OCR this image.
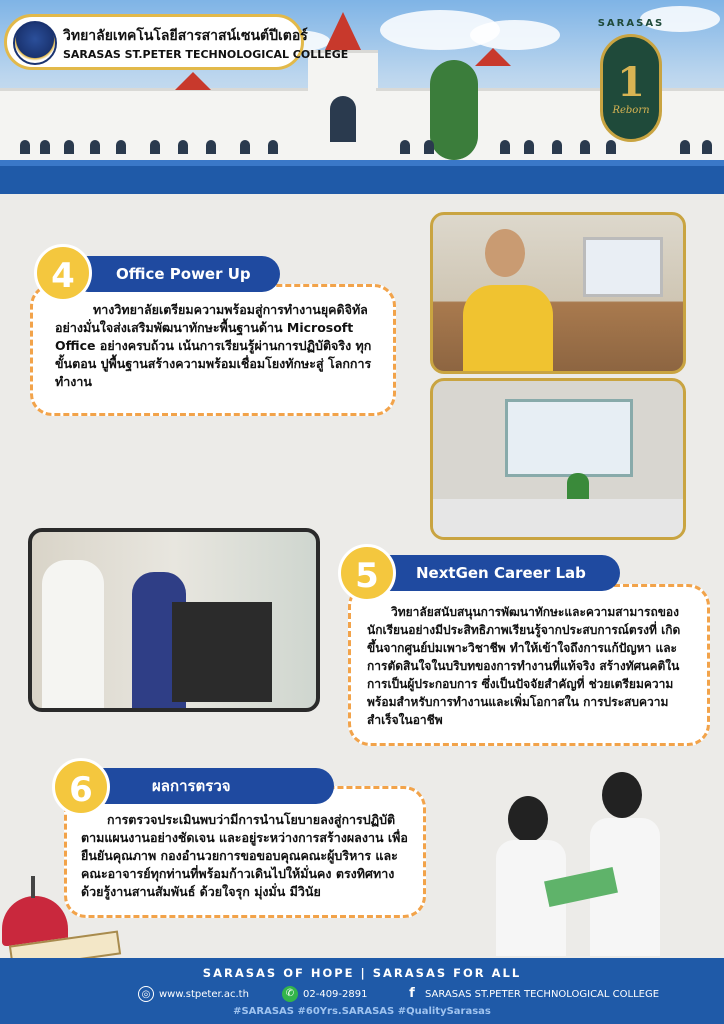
วิทยาลัยเทคโนโลยีสารสาสน์เซนต์ปีเตอร์
SARASAS ST.PETER TECHNOLOGICAL COLLEGE
SARASAS
1
Reborn
4	Office Power Up
ทางวิทยาลัยเตรียมความพร้อมสู่การทำงานยุคดิจิทัล อย่างมั่นใจส่งเสริมพัฒนาทักษะพื้นฐานด้าน Microsoft Office อย่างครบถ้วน เน้นการเรียนรู้ผ่านการปฏิบัติจริง ทุกขั้นตอน ปูพื้นฐานสร้างความพร้อมเชื่อมโยงทักษะสู่ โลกการทำงาน
5	NextGen Career Lab
วิทยาลัยสนับสนุนการพัฒนาทักษะและความสามารถของ นักเรียนอย่างมีประสิทธิภาพเรียนรู้จากประสบการณ์ตรงที่ เกิดขึ้นจากศูนย์บ่มเพาะวิชาชีพ ทำให้เข้าใจถึงการแก้ปัญหา และการตัดสินใจในบริบทของการทำงานที่แท้จริง สร้างทัศนคติในการเป็นผู้ประกอบการ ซึ่งเป็นปัจจัยสำคัญที่ ช่วยเตรียมความพร้อมสำหรับการทำงานและเพิ่มโอกาสใน การประสบความสำเร็จในอาชีพ
6	ผลการตรวจ
การตรวจประเมินพบว่ามีการนำนโยบายลงสู่การปฏิบัติ ตามแผนงานอย่างชัดเจน และอยู่ระหว่างการสร้างผลงาน เพื่อยืนยันคุณภาพ กองอำนวยการขอขอบคุณคณะผู้บริหาร และคณะอาจารย์ทุกท่านที่พร้อมก้าวเดินไปให้มั่นคง ตรงทิศทาง ด้วยรู้งานสานสัมพันธ์ ด้วยใจรุก มุ่งมั่น มีวินัย
SARASAS OF HOPE | SARASAS FOR ALL
◎ www.stpeter.ac.th	✆ 02-409-2891	f SARASAS ST.PETER TECHNOLOGICAL COLLEGE
#SARASAS #60Yrs.SARASAS #QualitySarasas
